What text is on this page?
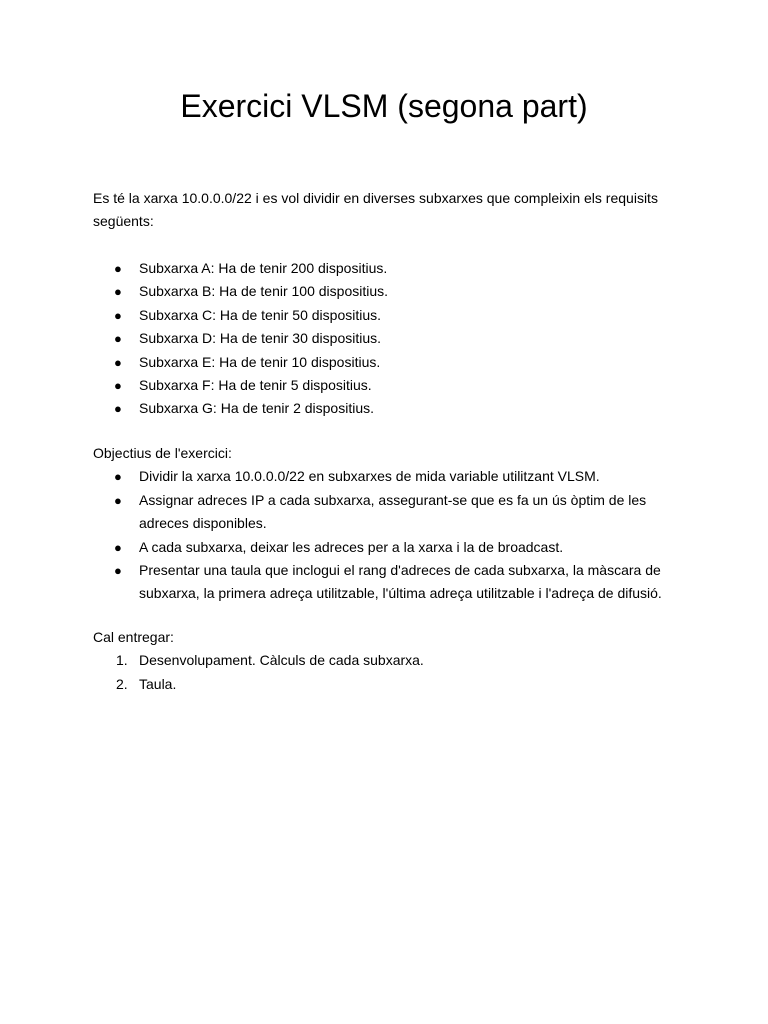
Exercici VLSM (segona part)

Es té la xarxa 10.0.0.0/22 i es vol dividir en diverses subxarxes que compleixin els requisits següents:

● Subxarxa A: Ha de tenir 200 dispositius.
● Subxarxa B: Ha de tenir 100 dispositius.
● Subxarxa C: Ha de tenir 50 dispositius.
● Subxarxa D: Ha de tenir 30 dispositius.
● Subxarxa E: Ha de tenir 10 dispositius.
● Subxarxa F: Ha de tenir 5 dispositius.
● Subxarxa G: Ha de tenir 2 dispositius.

Objectius de l'exercici:

● Dividir la xarxa 10.0.0.0/22 en subxarxes de mida variable utilitzant VLSM.
● Assignar adreces IP a cada subxarxa, assegurant-se que es fa un ús òptim de les adreces disponibles.
● A cada subxarxa, deixar les adreces per a la xarxa i la de broadcast.
● Presentar una taula que inclogui el rang d'adreces de cada subxarxa, la màscara de subxarxa, la primera adreça utilitzable, l'última adreça utilitzable i l'adreça de difusió.

Cal entregar:

1. Desenvolupament. Càlculs de cada subxarxa.
2. Taula.
